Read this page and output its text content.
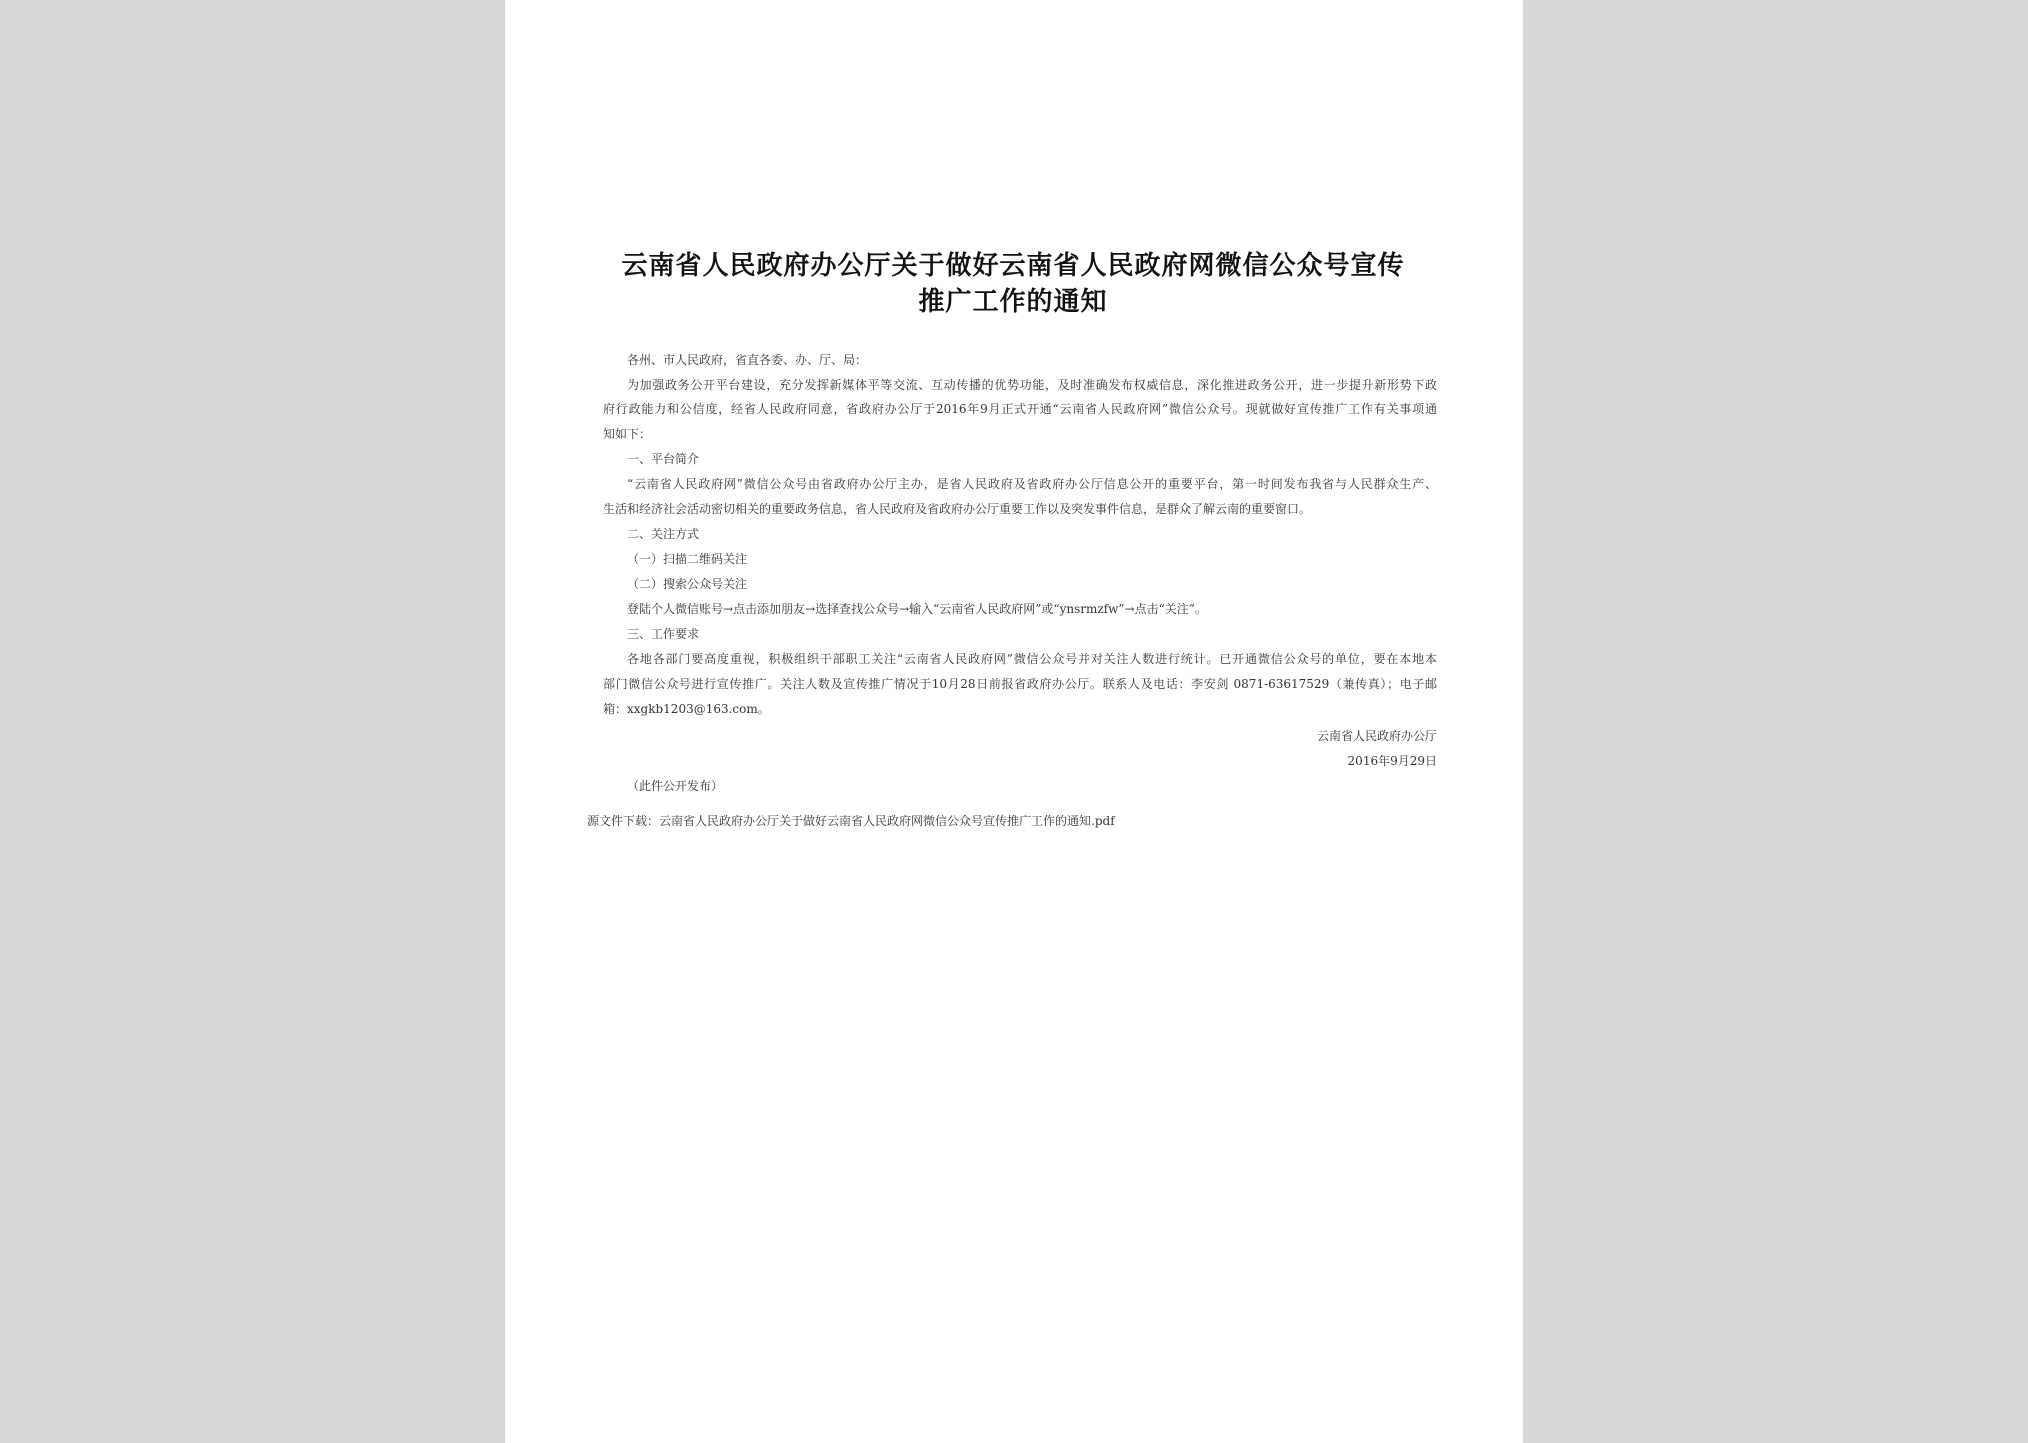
云南省人民政府办公厅关于做好云南省人民政府网微信公众号宣传
推广工作的通知
各州、市人民政府，省直各委、办、厅、局：
为加强政务公开平台建设，充分发挥新媒体平等交流、互动传播的优势功能，及时准确发布权威信息，深化推进政务公开，进一步提升新形势下政
府行政能力和公信度，经省人民政府同意，省政府办公厅于2016年9月正式开通“云南省人民政府网”微信公众号。现就做好宣传推广工作有关事项通
知如下：
一、平台简介
“云南省人民政府网”微信公众号由省政府办公厅主办，是省人民政府及省政府办公厅信息公开的重要平台，第一时间发布我省与人民群众生产、
生活和经济社会活动密切相关的重要政务信息，省人民政府及省政府办公厅重要工作以及突发事件信息，是群众了解云南的重要窗口。
二、关注方式
（一）扫描二维码关注
（二）搜索公众号关注
登陆个人微信账号→点击添加朋友→选择查找公众号→输入“云南省人民政府网”或“ynsrmzfw”→点击“关注”。
三、工作要求
各地各部门要高度重视，积极组织干部职工关注“云南省人民政府网”微信公众号并对关注人数进行统计。已开通微信公众号的单位，要在本地本
部门微信公众号进行宣传推广。关注人数及宣传推广情况于10月28日前报省政府办公厅。联系人及电话：李安剑 0871-63617529（兼传真）；电子邮
箱：xxgkb1203@163.com。
云南省人民政府办公厅
2016年9月29日
（此件公开发布）
源文件下载：云南省人民政府办公厅关于做好云南省人民政府网微信公众号宣传推广工作的通知.pdf
